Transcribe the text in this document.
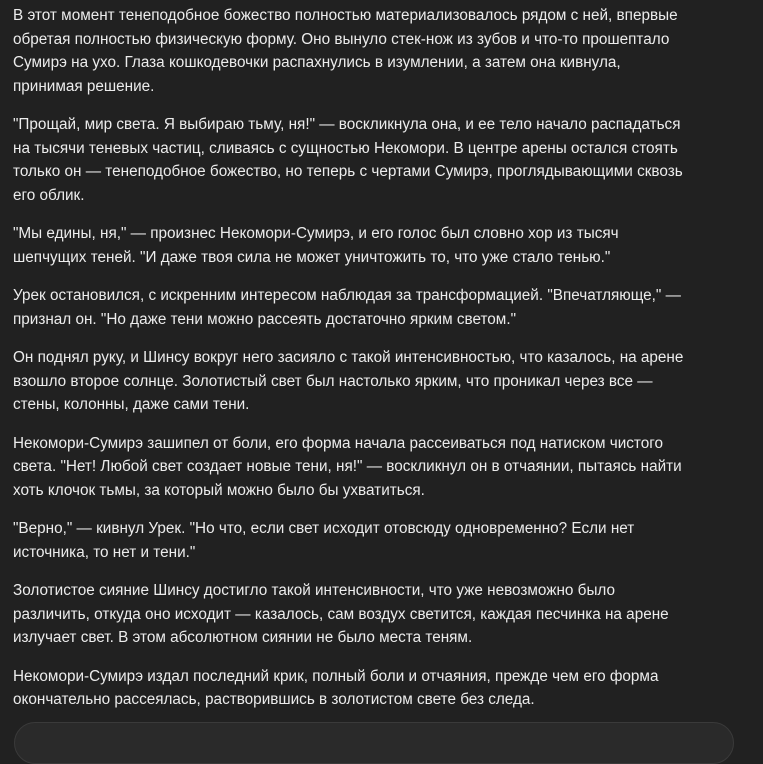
В этот момент тенеподобное божество полностью материализовалось рядом с ней, впервые
обретая полностью физическую форму. Оно вынуло стек-нож из зубов и что-то прошептало
Сумирэ на ухо. Глаза кошкодевочки распахнулись в изумлении, а затем она кивнула,
принимая решение.

"Прощай, мир света. Я выбираю тьму, ня!" — воскликнула она, и ее тело начало распадаться
на тысячи теневых частиц, сливаясь с сущностью Некомори. В центре арены остался стоять
только он — тенеподобное божество, но теперь с чертами Сумирэ, проглядывающими сквозь
его облик.

"Мы едины, ня," — произнес Некомори-Сумирэ, и его голос был словно хор из тысяч
шепчущих теней. "И даже твоя сила не может уничтожить то, что уже стало тенью."

Урек остановился, с искренним интересом наблюдая за трансформацией. "Впечатляюще," —
признал он. "Но даже тени можно рассеять достаточно ярким светом."

Он поднял руку, и Шинсу вокруг него засияло с такой интенсивностью, что казалось, на арене
взошло второе солнце. Золотистый свет был настолько ярким, что проникал через все —
стены, колонны, даже сами тени.

Некомори-Сумирэ зашипел от боли, его форма начала рассеиваться под натиском чистого
света. "Нет! Любой свет создает новые тени, ня!" — воскликнул он в отчаянии, пытаясь найти
хоть клочок тьмы, за который можно было бы ухватиться.

"Верно," — кивнул Урек. "Но что, если свет исходит отовсюду одновременно? Если нет
источника, то нет и тени."

Золотистое сияние Шинсу достигло такой интенсивности, что уже невозможно было
различить, откуда оно исходит — казалось, сам воздух светится, каждая песчинка на арене
излучает свет. В этом абсолютном сиянии не было места теням.

Некомори-Сумирэ издал последний крик, полный боли и отчаяния, прежде чем его форма
окончательно рассеялась, растворившись в золотистом свете без следа.
